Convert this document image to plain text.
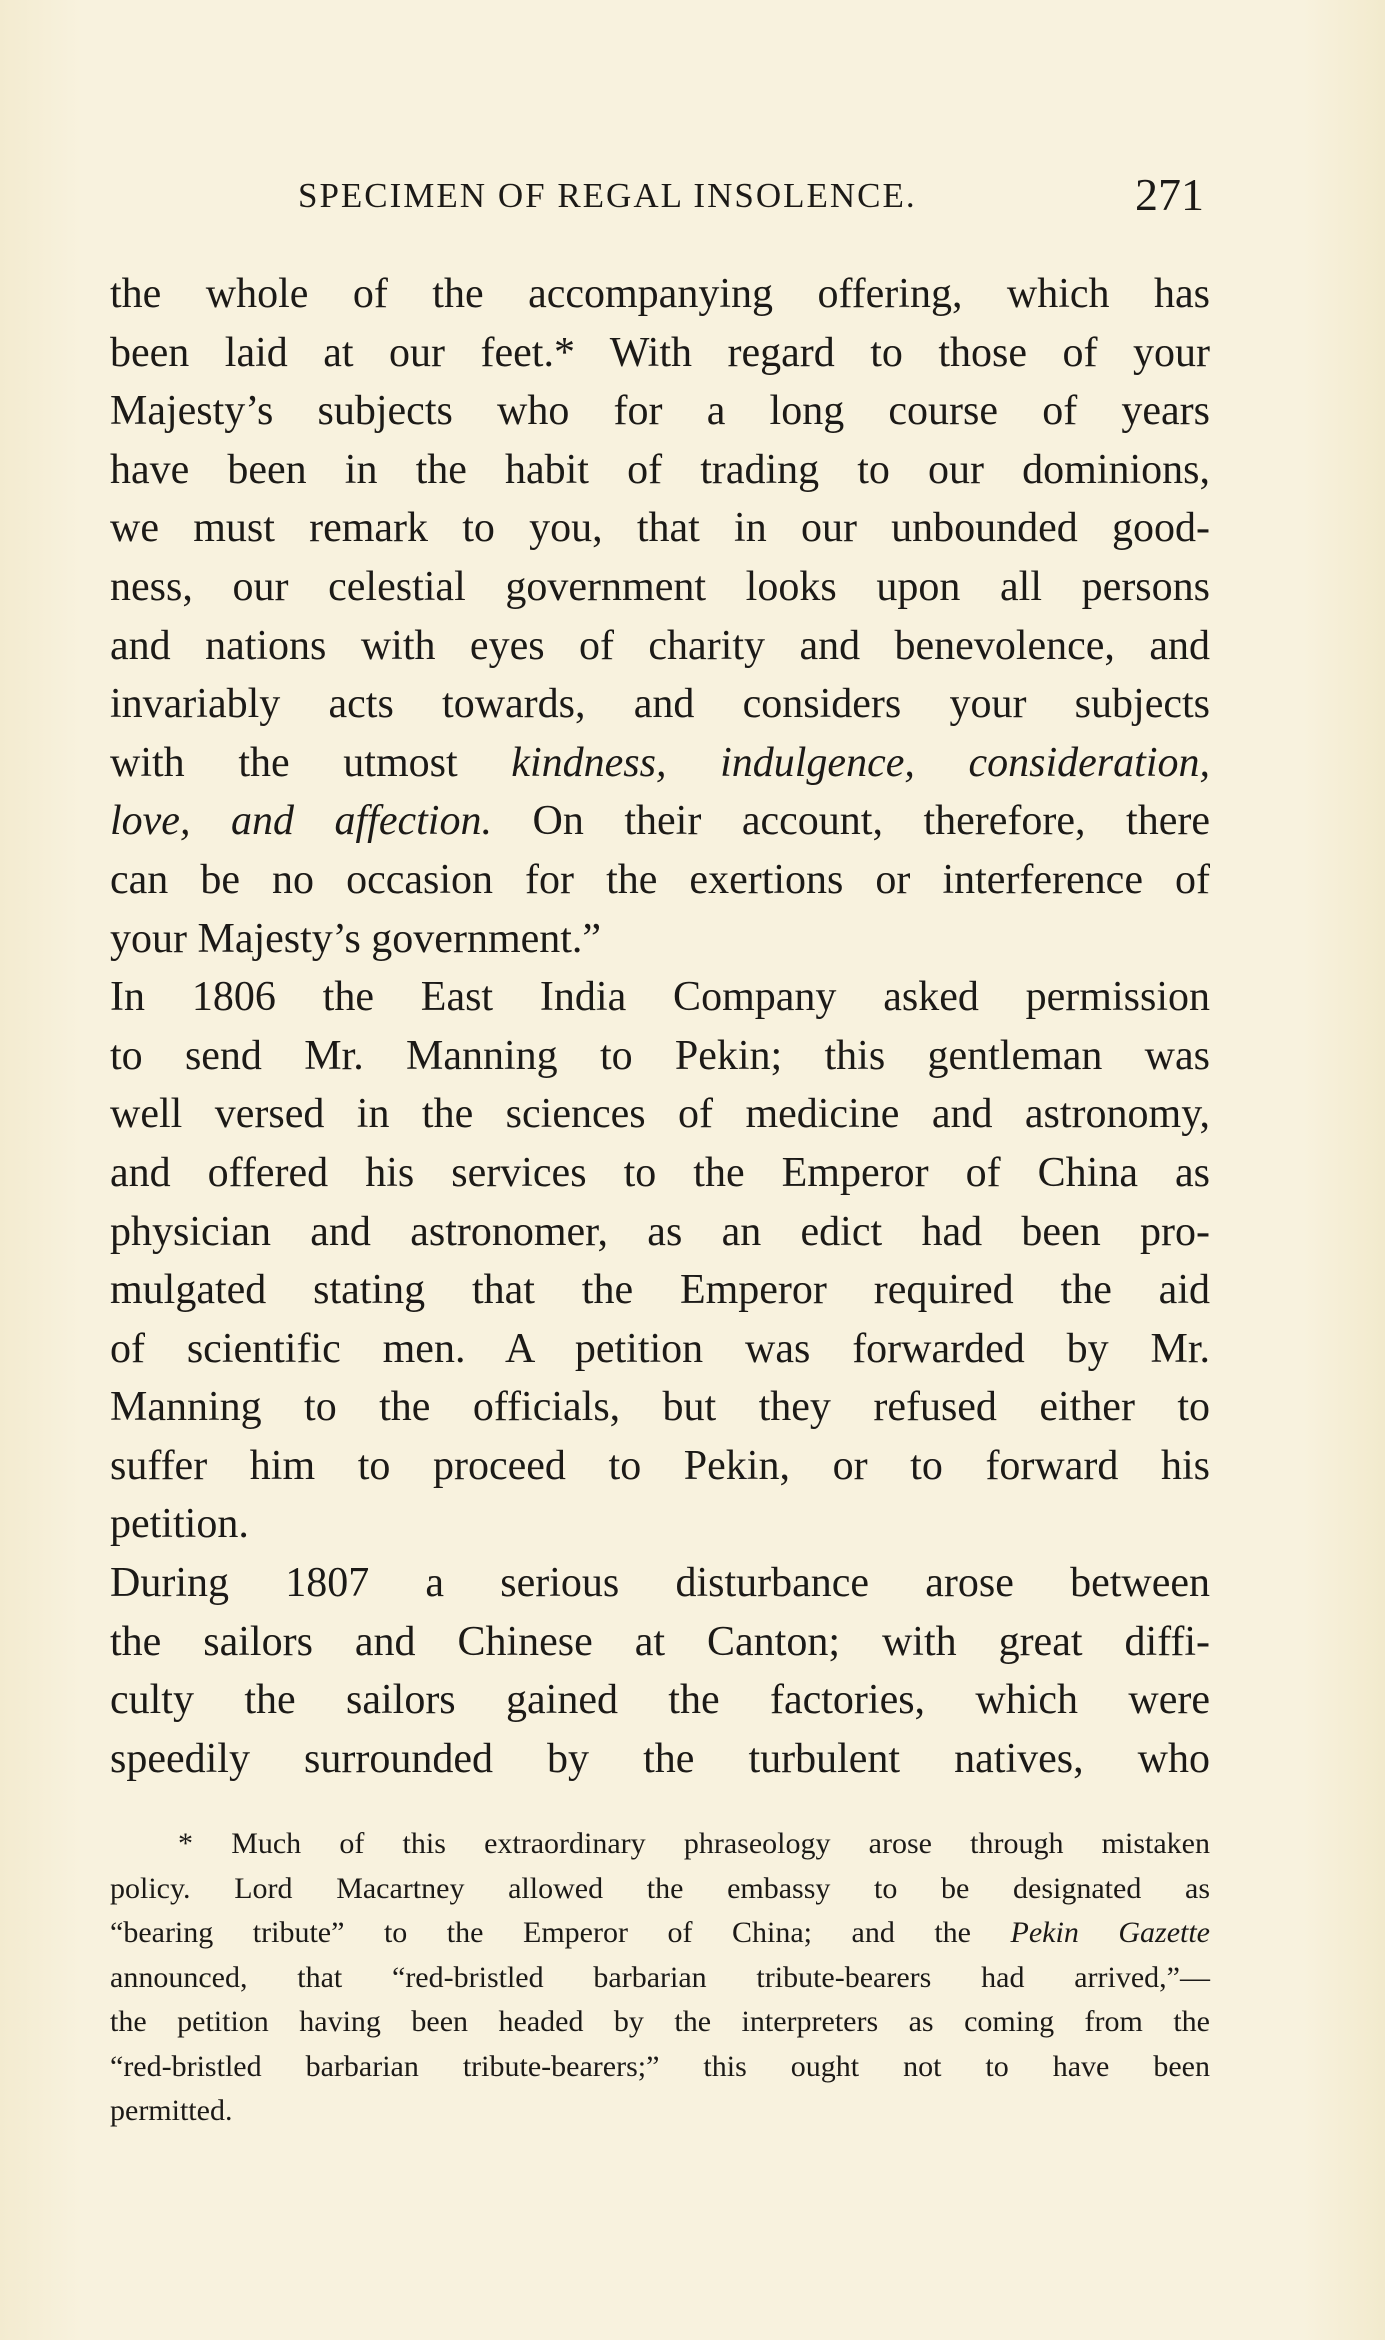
SPECIMEN OF REGAL INSOLENCE.	271
the whole of the accompanying offering, which has
been laid at our feet.* With regard to those of your
Majesty’s subjects who for a long course of years
have been in the habit of trading to our dominions,
we must remark to you, that in our unbounded good-
ness, our celestial government looks upon all persons
and nations with eyes of charity and benevolence, and
invariably acts towards, and considers your subjects
with the utmost kindness, indulgence, consideration,
love, and affection. On their account, therefore, there
can be no occasion for the exertions or interference of
your Majesty’s government.”
In 1806 the East India Company asked permission
to send Mr. Manning to Pekin; this gentleman was
well versed in the sciences of medicine and astronomy,
and offered his services to the Emperor of China as
physician and astronomer, as an edict had been pro-
mulgated stating that the Emperor required the aid
of scientific men. A petition was forwarded by Mr.
Manning to the officials, but they refused either to
suffer him to proceed to Pekin, or to forward his
petition.
During 1807 a serious disturbance arose between
the sailors and Chinese at Canton; with great diffi-
culty the sailors gained the factories, which were
speedily surrounded by the turbulent natives, who
* Much of this extraordinary phraseology arose through mistaken
policy. Lord Macartney allowed the embassy to be designated as
“bearing tribute” to the Emperor of China; and the Pekin Gazette
announced, that “red-bristled barbarian tribute-bearers had arrived,”—
the petition having been headed by the interpreters as coming from the
“red-bristled barbarian tribute-bearers;” this ought not to have been
permitted.
